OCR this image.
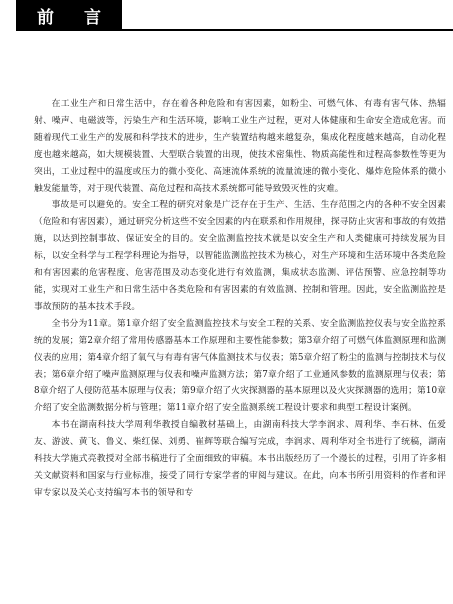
前 言

在工业生产和日常生活中，存在着各种危险和有害因素，如粉尘、可燃气体、有毒有害气体、热辐射、噪声、电磁波等，污染生产和生活环境，影响工业生产过程，更对人体健康和生命安全造成危害。而随着现代工业生产的发展和科学技术的进步，生产装置结构越来越复杂，集成化程度越来越高，自动化程度也越来越高，如大规模装置、大型联合装置的出现，使技术密集性、物质高能性和过程高参数性等更为突出，工业过程中的温度或压力的微小变化、高速流体系统的流量流速的微小变化、爆炸危险体系的微小触发能量等，对于现代装置、高危过程和高技术系统都可能导致毁灭性的灾难。

事故是可以避免的。安全工程的研究对象是广泛存在于生产、生活、生存范围之内的各种不安全因素（危险和有害因素），通过研究分析这些不安全因素的内在联系和作用规律，探寻防止灾害和事故的有效措施，以达到控制事故、保证安全的目的。安全监测监控技术就是以安全生产和人类健康可持续发展为目标，以安全科学与工程学科理论为指导，以智能监测监控技术为核心，对生产环境和生活环境中各类危险和有害因素的危害程度、危害范围及动态变化进行有效监测，集成状态监测、评估预警、应急控制等功能，实现对工业生产和日常生活中各类危险和有害因素的有效监测、控制和管理。因此，安全监测监控是事故预防的基本技术手段。

全书分为11章。第1章介绍了安全监测监控技术与安全工程的关系、安全监测监控仪表与安全监控系统的发展；第2章介绍了常用传感器基本工作原理和主要性能参数；第3章介绍了可燃气体监测原理和监测仪表的应用；第4章介绍了氧气与有毒有害气体监测技术与仪表；第5章介绍了粉尘的监测与控制技术与仪表；第6章介绍了噪声监测原理与仪表和噪声监测方法；第7章介绍了工业通风参数的监测原理与仪表；第8章介绍了人侵防范基本原理与仪表；第9章介绍了火灾探测器的基本原理以及火灾探测器的选用；第10章介绍了安全监测数据分析与管理；第11章介绍了安全监测系统工程设计要求和典型工程设计案例。

本书在湖南科技大学周利华教授自编教材基础上，由湖南科技大学李润求、周利华、李石林、伍爱友、游波、黄飞、鲁义、柴红保、刘勇、崔辉等联合编写完成，李润求、周利华对全书进行了统稿，湖南科技大学施式亮教授对全部书稿进行了全面细致的审稿。本书出版经历了一个漫长的过程，引用了许多相关文献资料和国家与行业标准，接受了同行专家学者的审阅与建议。在此，向本书所引用资料的作者和评审专家以及关心支持编写本书的领导和专
